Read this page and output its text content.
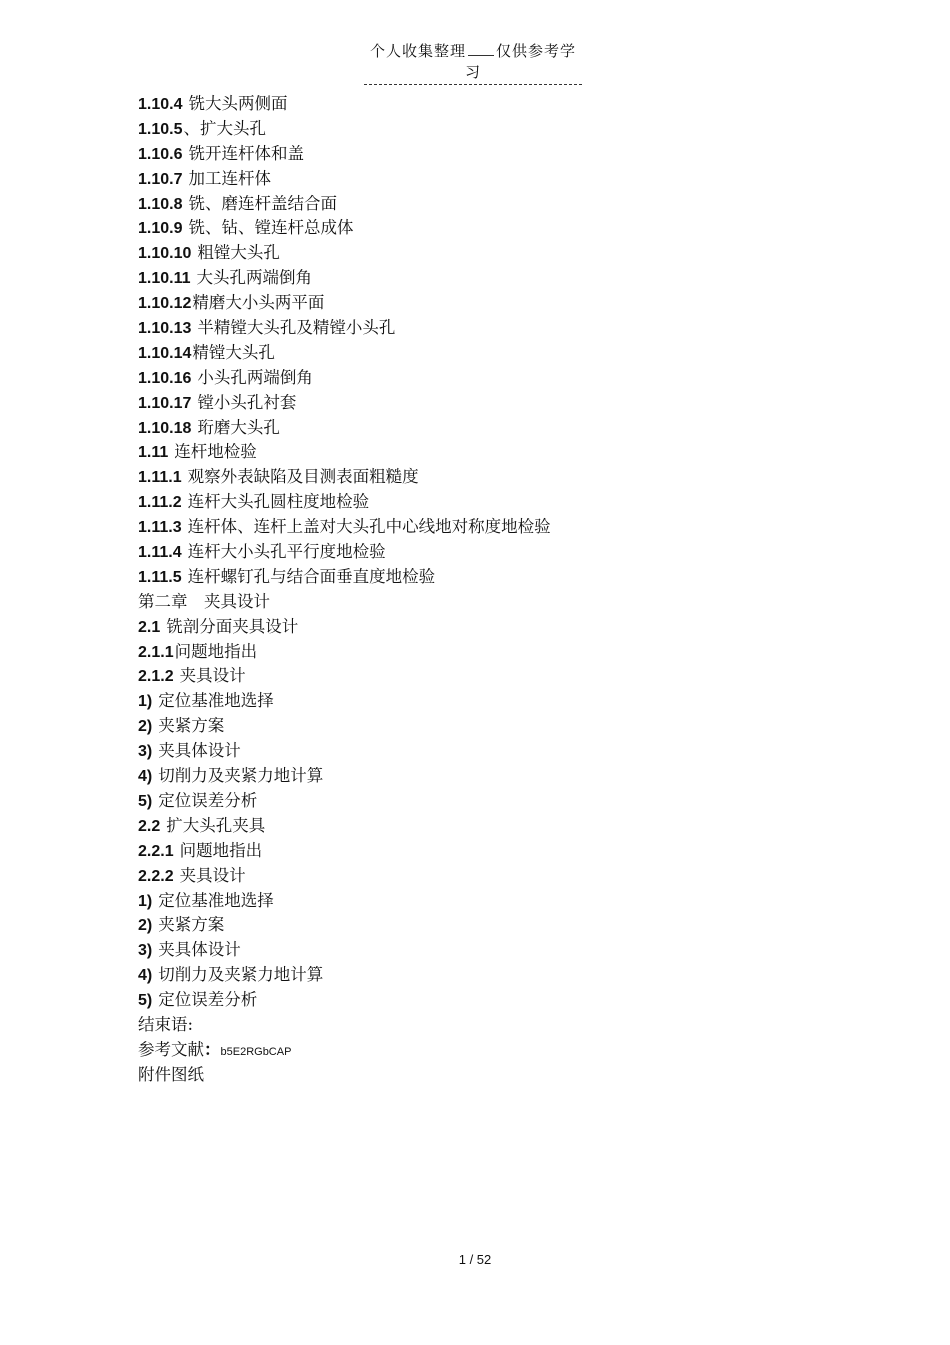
个人收集整理 仅供参考学习
1.10.4 铣大头两侧面
1.10.5、扩大头孔
1.10.6 铣开连杆体和盖
1.10.7 加工连杆体
1.10.8 铣、磨连杆盖结合面
1.10.9 铣、钻、镗连杆总成体
1.10.10 粗镗大头孔
1.10.11 大头孔两端倒角
1.10.12精磨大小头两平面
1.10.13 半精镗大头孔及精镗小头孔
1.10.14精镗大头孔
1.10.16 小头孔两端倒角
1.10.17 镗小头孔衬套
1.10.18 珩磨大头孔
1.11 连杆地检验
1.11.1 观察外表缺陷及目测表面粗糙度
1.11.2 连杆大头孔圆柱度地检验
1.11.3 连杆体、连杆上盖对大头孔中心线地对称度地检验
1.11.4 连杆大小头孔平行度地检验
1.11.5 连杆螺钉孔与结合面垂直度地检验
第二章　夹具设计
2.1 铣剖分面夹具设计
2.1.1问题地指出
2.1.2 夹具设计
1) 定位基准地选择
2) 夹紧方案
3) 夹具体设计
4) 切削力及夹紧力地计算
5) 定位误差分析
2.2 扩大头孔夹具
2.2.1 问题地指出
2.2.2 夹具设计
1) 定位基准地选择
2) 夹紧方案
3) 夹具体设计
4) 切削力及夹紧力地计算
5) 定位误差分析
结束语:
参考文献：b5E2RGbCAP
附件图纸
1 / 52
